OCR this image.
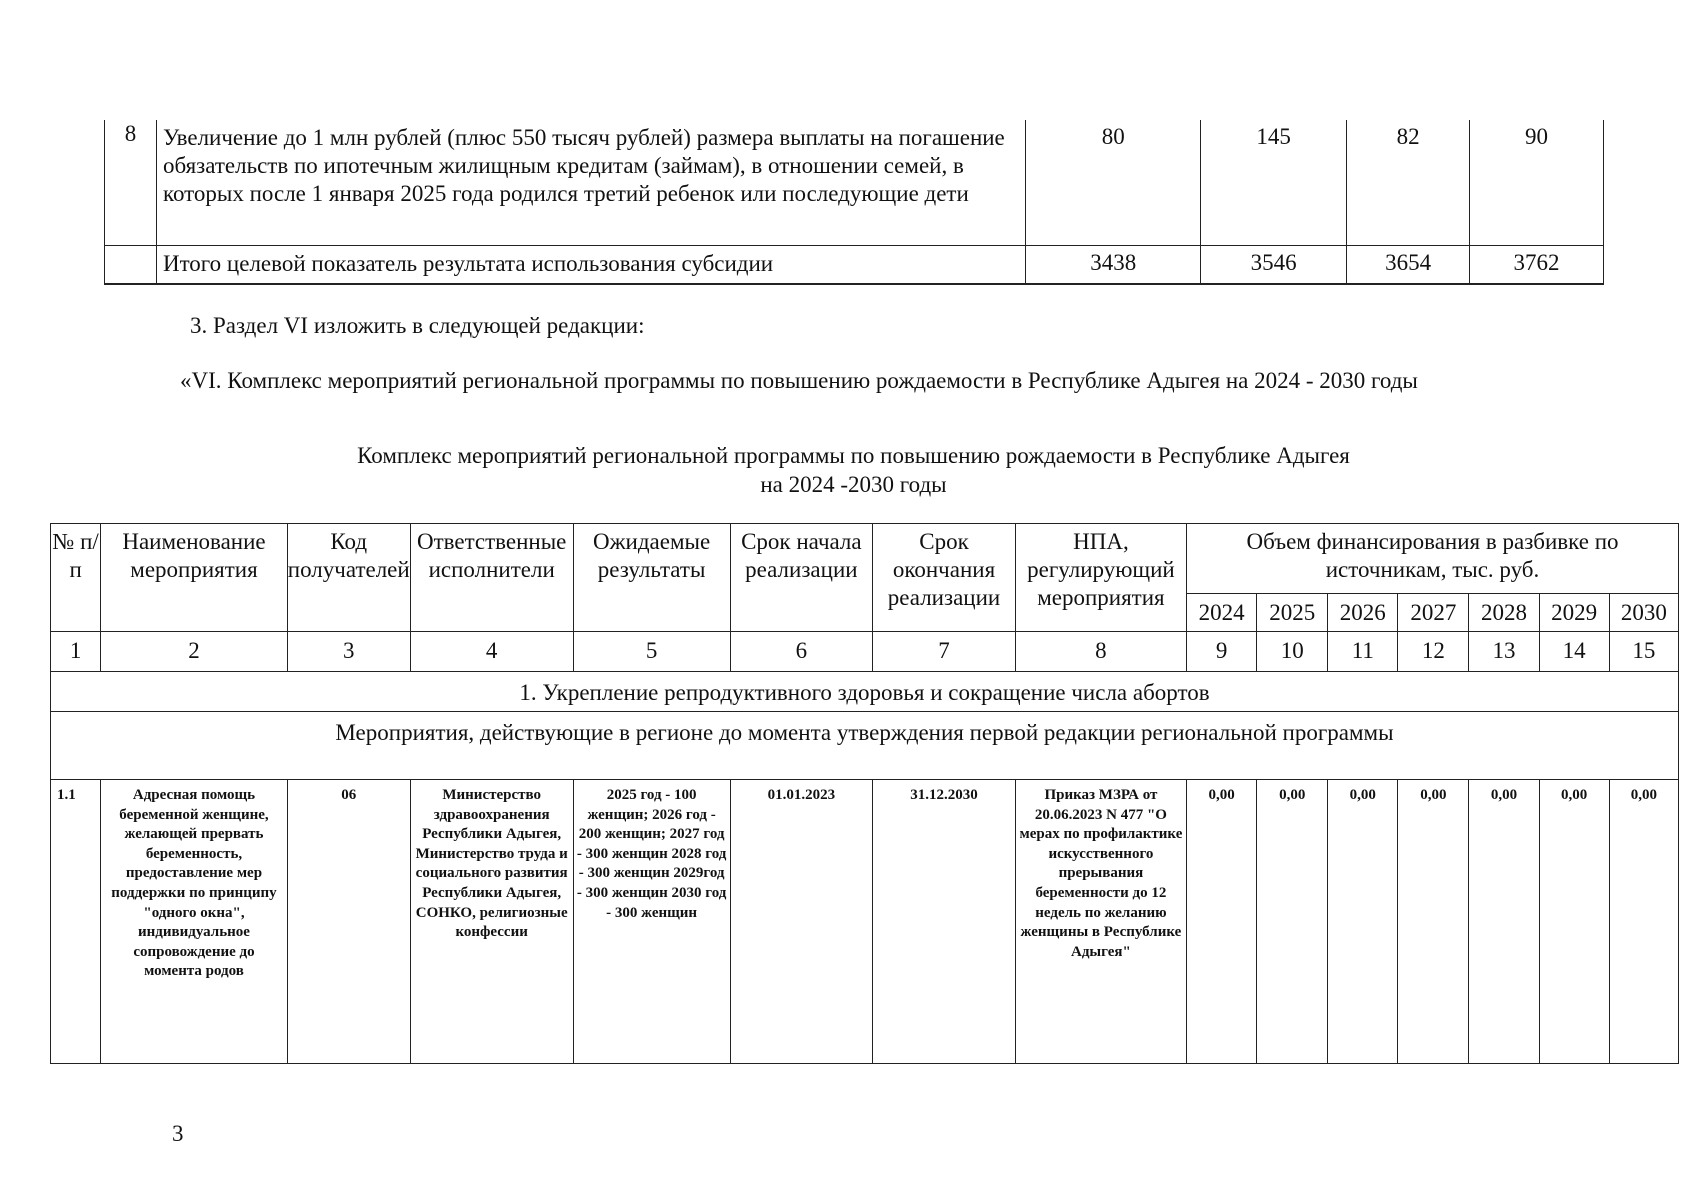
8	Увеличение до 1 млн рублей (плюс 550 тысяч рублей) размера выплаты на погашение обязательств по ипотечным жилищным кредитам (займам), в отношении семей, в которых после 1 января 2025 года родился третий ребенок или последующие дети	80	145	82	90
	Итого целевой показатель результата использования субсидии	3438	3546	3654	3762
3. Раздел VI изложить в следующей редакции:
«VI. Комплекс мероприятий региональной программы по повышению рождаемости в Республике Адыгея на 2024 - 2030 годы
Комплекс мероприятий региональной программы по повышению рождаемости в Республике Адыгея
на 2024 -2030 годы
№ п/п	Наименование мероприятия	Код получателей	Ответственные исполнители	Ожидаемые результаты	Срок начала реализации	Срок окончания реализации	НПА, регулирующий мероприятия	Объем финансирования в разбивке по источникам, тыс. руб.						
								2024	2025	2026	2027	2028	2029	2030
1	2	3	4	5	6	7	8	9	10	11	12	13	14	15
1. Укрепление репродуктивного здоровья и сокращение числа абортов														
Мероприятия, действующие в регионе до момента утверждения первой редакции региональной программы														
1.1	Адресная помощь беременной женщине, желающей прервать беременность, предоставление мер поддержки по принципу "одного окна", индивидуальное сопровождение до момента родов	06	Министерство здравоохранения Республики Адыгея, Министерство труда и социального развития Республики Адыгея, СОНКО, религиозные конфессии	2025 год - 100 женщин; 2026 год - 200 женщин; 2027 год - 300 женщин 2028 год - 300 женщин 2029год - 300 женщин 2030 год - 300 женщин	01.01.2023	31.12.2030	Приказ МЗРА от 20.06.2023 N 477 "О мерах по профилактике искусственного прерывания беременности до 12 недель по желанию женщины в Республике Адыгея"	0,00	0,00	0,00	0,00	0,00	0,00	0,00
3
